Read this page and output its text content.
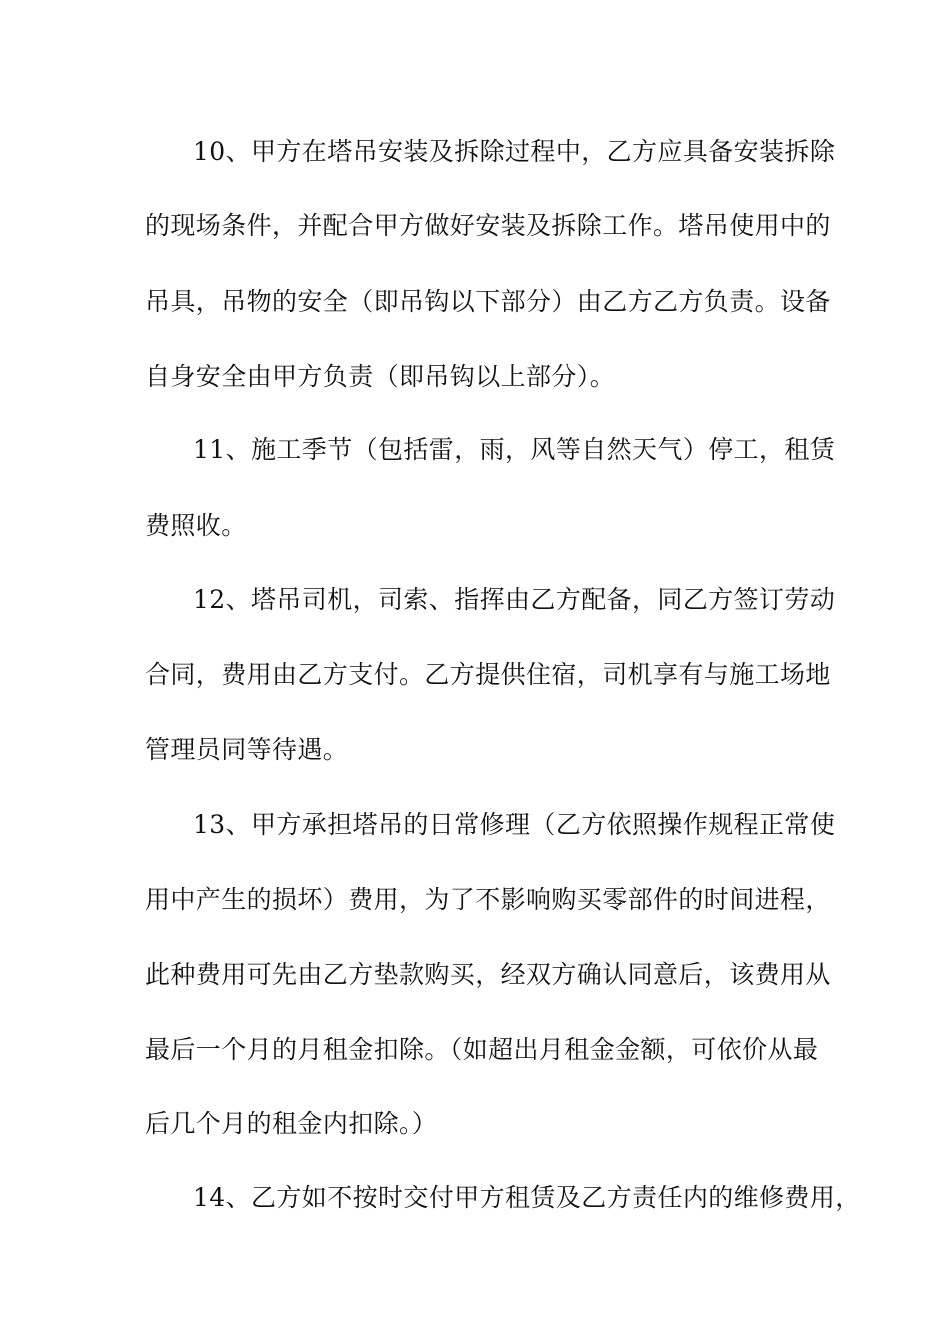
10、甲方在塔吊安装及拆除过程中，乙方应具备安装拆除
的现场条件，并配合甲方做好安装及拆除工作。塔吊使用中的
吊具，吊物的安全（即吊钩以下部分）由乙方乙方负责。设备
自身安全由甲方负责（即吊钩以上部分）。
11、施工季节（包括雷，雨，风等自然天气）停工，租赁
费照收。
12、塔吊司机，司索、指挥由乙方配备，同乙方签订劳动
合同，费用由乙方支付。乙方提供住宿，司机享有与施工场地
管理员同等待遇。
13、甲方承担塔吊的日常修理（乙方依照操作规程正常使
用中产生的损坏）费用，为了不影响购买零部件的时间进程，
此种费用可先由乙方垫款购买，经双方确认同意后，该费用从
最后一个月的月租金扣除。（如超出月租金金额，可依价从最
后几个月的租金内扣除。）
14、乙方如不按时交付甲方租赁及乙方责任内的维修费用，
